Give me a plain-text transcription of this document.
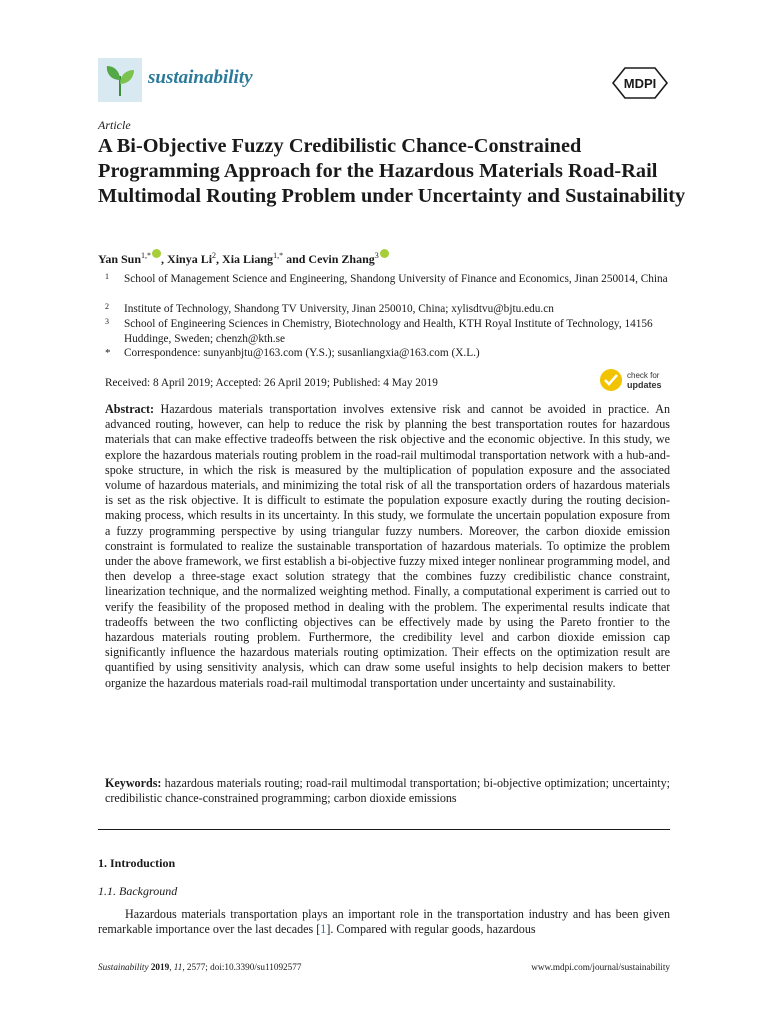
sustainability	MDPI
Article
A Bi-Objective Fuzzy Credibilistic Chance-Constrained Programming Approach for the Hazardous Materials Road-Rail Multimodal Routing Problem under Uncertainty and Sustainability
Yan Sun$^{1,*}$ , Xinya Li$^2$, Xia Liang$^{1,*}$ and Cevin Zhang$^3$
1 School of Management Science and Engineering, Shandong University of Finance and Economics, Jinan 250014, China
2 Institute of Technology, Shandong TV University, Jinan 250010, China; xylisdtvu@bjtu.edu.cn
3 School of Engineering Sciences in Chemistry, Biotechnology and Health, KTH Royal Institute of Technology, 14156 Huddinge, Sweden; chenzh@kth.se
* Correspondence: sunyanbjtu@163.com (Y.S.); susanliangxia@163.com (X.L.)
Received: 8 April 2019; Accepted: 26 April 2019; Published: 4 May 2019
check for
updates

Abstract: Hazardous materials transportation involves extensive risk and cannot be avoided in practice. An advanced routing, however, can help to reduce the risk by planning the best transportation routes for hazardous materials that can make effective tradeoffs between the risk objective and the economic objective. In this study, we explore the hazardous materials routing problem in the road-rail multimodal transportation network with a hub-and-spoke structure, in which the risk is measured by the multiplication of population exposure and the associated volume of hazardous materials, and minimizing the total risk of all the transportation orders of hazardous materials is set as the risk objective. It is difficult to estimate the population exposure exactly during the routing decision-making process, which results in its uncertainty. In this study, we formulate the uncertain population exposure from a fuzzy programming perspective by using triangular fuzzy numbers. Moreover, the carbon dioxide emission constraint is formulated to realize the sustainable transportation of hazardous materials. To optimize the problem under the above framework, we first establish a bi-objective fuzzy mixed integer nonlinear programming model, and then develop a three-stage exact solution strategy that the combines fuzzy credibilistic chance constraint, linearization technique, and the normalized weighting method. Finally, a computational experiment is carried out to verify the feasibility of the proposed method in dealing with the problem. The experimental results indicate that tradeoffs between the two conflicting objectives can be effectively made by using the Pareto frontier to the hazardous materials routing problem. Furthermore, the credibility level and carbon dioxide emission cap significantly influence the hazardous materials routing optimization. Their effects on the optimization result are quantified by using sensitivity analysis, which can draw some useful insights to help decision makers to better organize the hazardous materials road-rail multimodal transportation under uncertainty and sustainability.

Keywords: hazardous materials routing; road-rail multimodal transportation; bi-objective optimization; uncertainty; credibilistic chance-constrained programming; carbon dioxide emissions

1. Introduction
1.1. Background

Hazardous materials transportation plays an important role in the transportation industry and has been given remarkable importance over the last decades [1]. Compared with regular goods, hazardous

Sustainability 2019, 11, 2577; doi:10.3390/su11092577	www.mdpi.com/journal/sustainability
